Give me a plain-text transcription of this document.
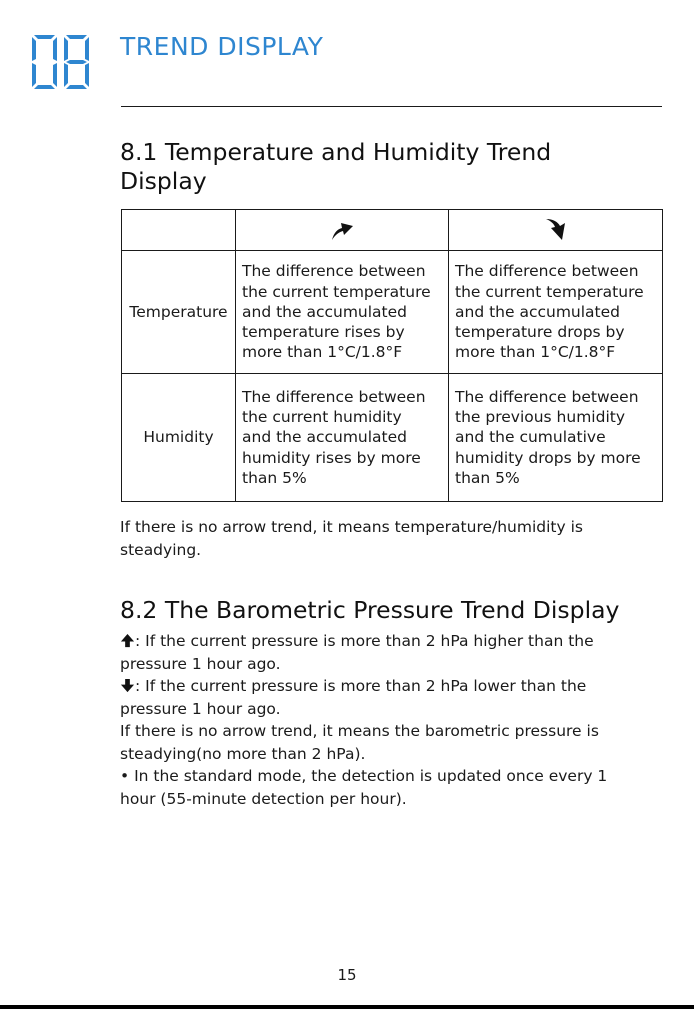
TREND DISPLAY
8.1 Temperature and Humidity Trend
Display

Temperature	The difference between
the current temperature
and the accumulated
temperature rises by
more than 1°C/1.8°F	The difference between
the current temperature
and the accumulated
temperature drops by
more than 1°C/1.8°F

Humidity	The difference between
the current humidity
and the accumulated
humidity rises by more
than 5%	The difference between
the previous humidity
and the cumulative
humidity drops by more
than 5%
If there is no arrow trend, it means temperature/humidity is
steadying.
8.2 The Barometric Pressure Trend Display
: If the current pressure is more than 2 hPa higher than the
pressure 1 hour ago.
: If the current pressure is more than 2 hPa lower than the
pressure 1 hour ago.
If there is no arrow trend, it means the barometric pressure is
steadying(no more than 2 hPa).
• In the standard mode, the detection is updated once every 1
hour (55-minute detection per hour).
15
